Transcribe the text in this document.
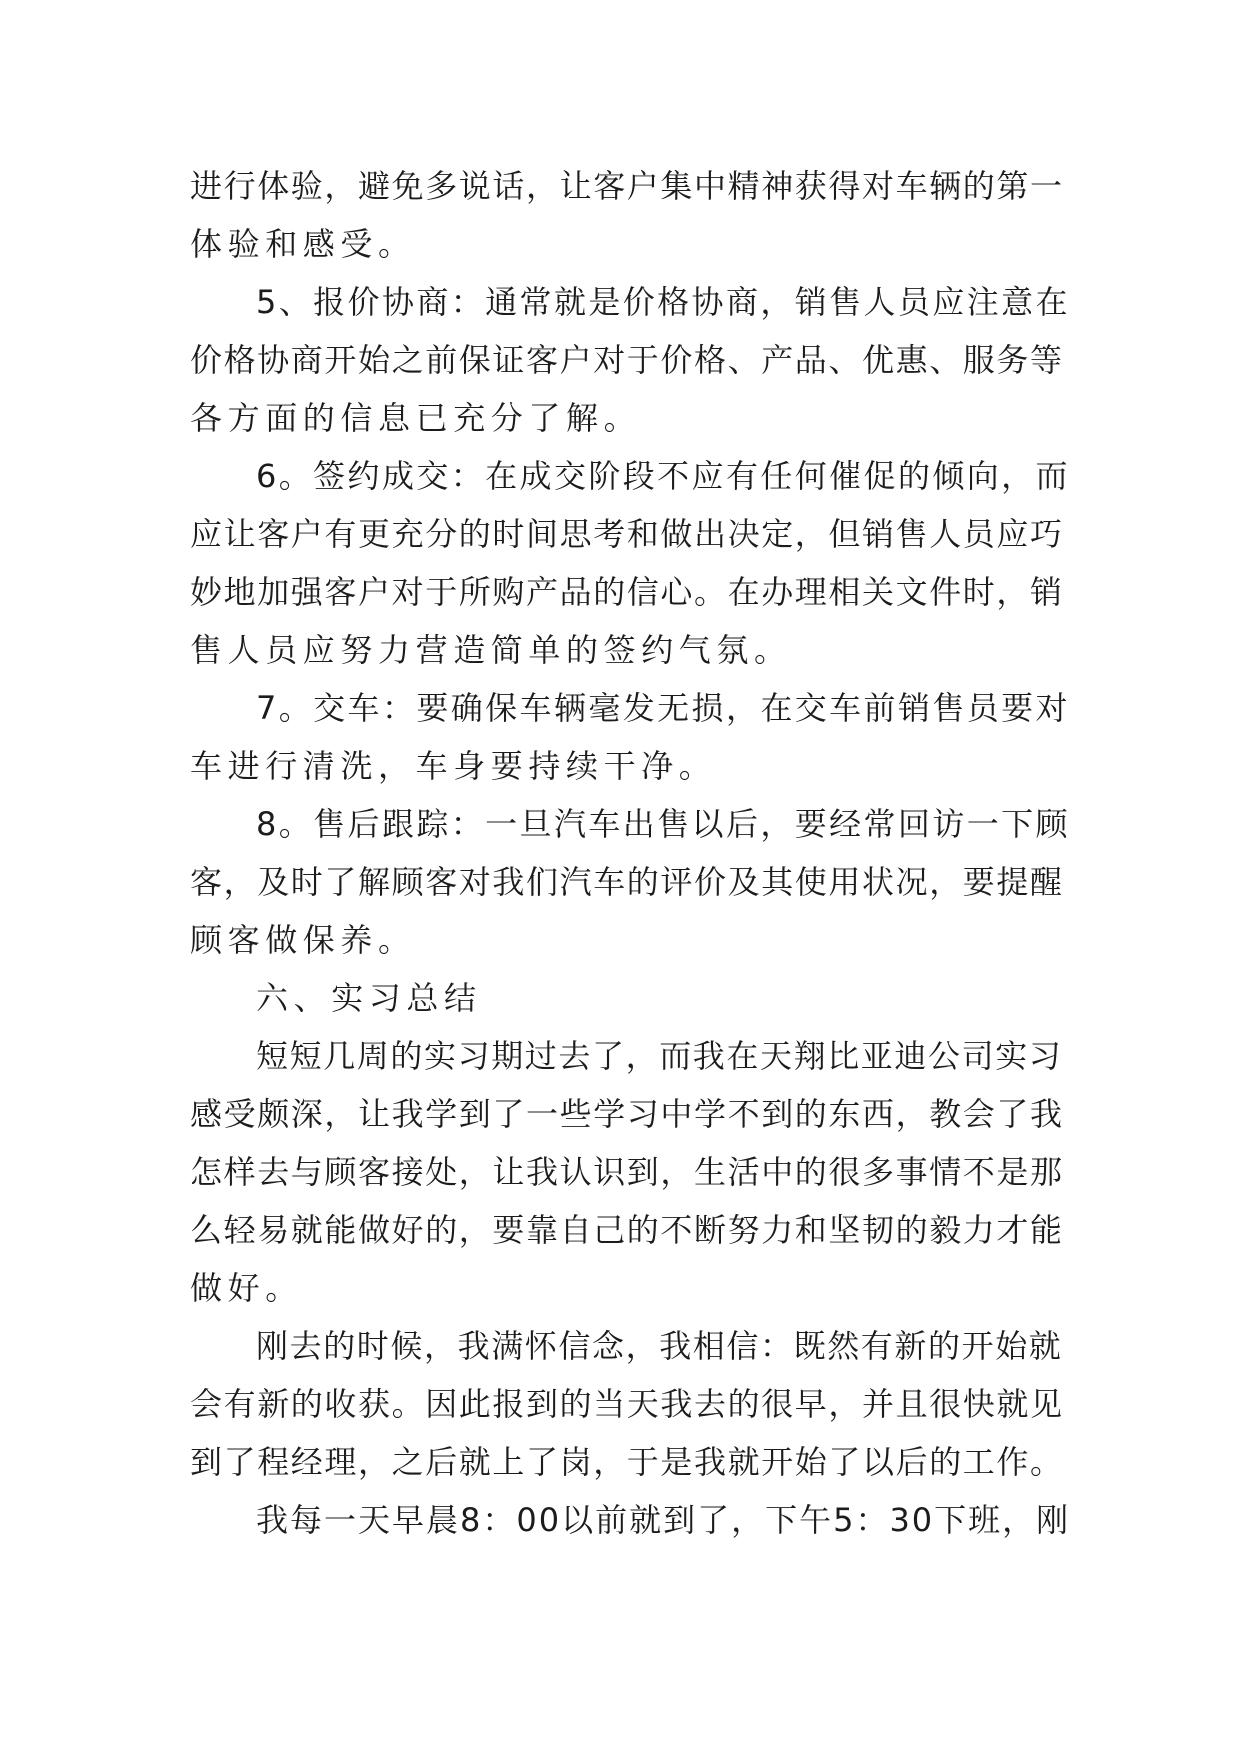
进行体验，避免多说话，让客户集中精神获得对车辆的第一
体验和感受。
5、报价协商：通常就是价格协商，销售人员应注意在
价格协商开始之前保证客户对于价格、产品、优惠、服务等
各方面的信息已充分了解。
6。签约成交：在成交阶段不应有任何催促的倾向，而
应让客户有更充分的时间思考和做出决定，但销售人员应巧
妙地加强客户对于所购产品的信心。在办理相关文件时，销
售人员应努力营造简单的签约气氛。
7。交车：要确保车辆毫发无损，在交车前销售员要对
车进行清洗，车身要持续干净。
8。售后跟踪：一旦汽车出售以后，要经常回访一下顾
客，及时了解顾客对我们汽车的评价及其使用状况，要提醒
顾客做保养。
六、实习总结
短短几周的实习期过去了，而我在天翔比亚迪公司实习
感受颇深，让我学到了一些学习中学不到的东西，教会了我
怎样去与顾客接处，让我认识到，生活中的很多事情不是那
么轻易就能做好的，要靠自己的不断努力和坚韧的毅力才能
做好。
刚去的时候，我满怀信念，我相信：既然有新的开始就
会有新的收获。因此报到的当天我去的很早，并且很快就见
到了程经理，之后就上了岗，于是我就开始了以后的工作。
我每一天早晨8：00以前就到了，下午5：30下班，刚
